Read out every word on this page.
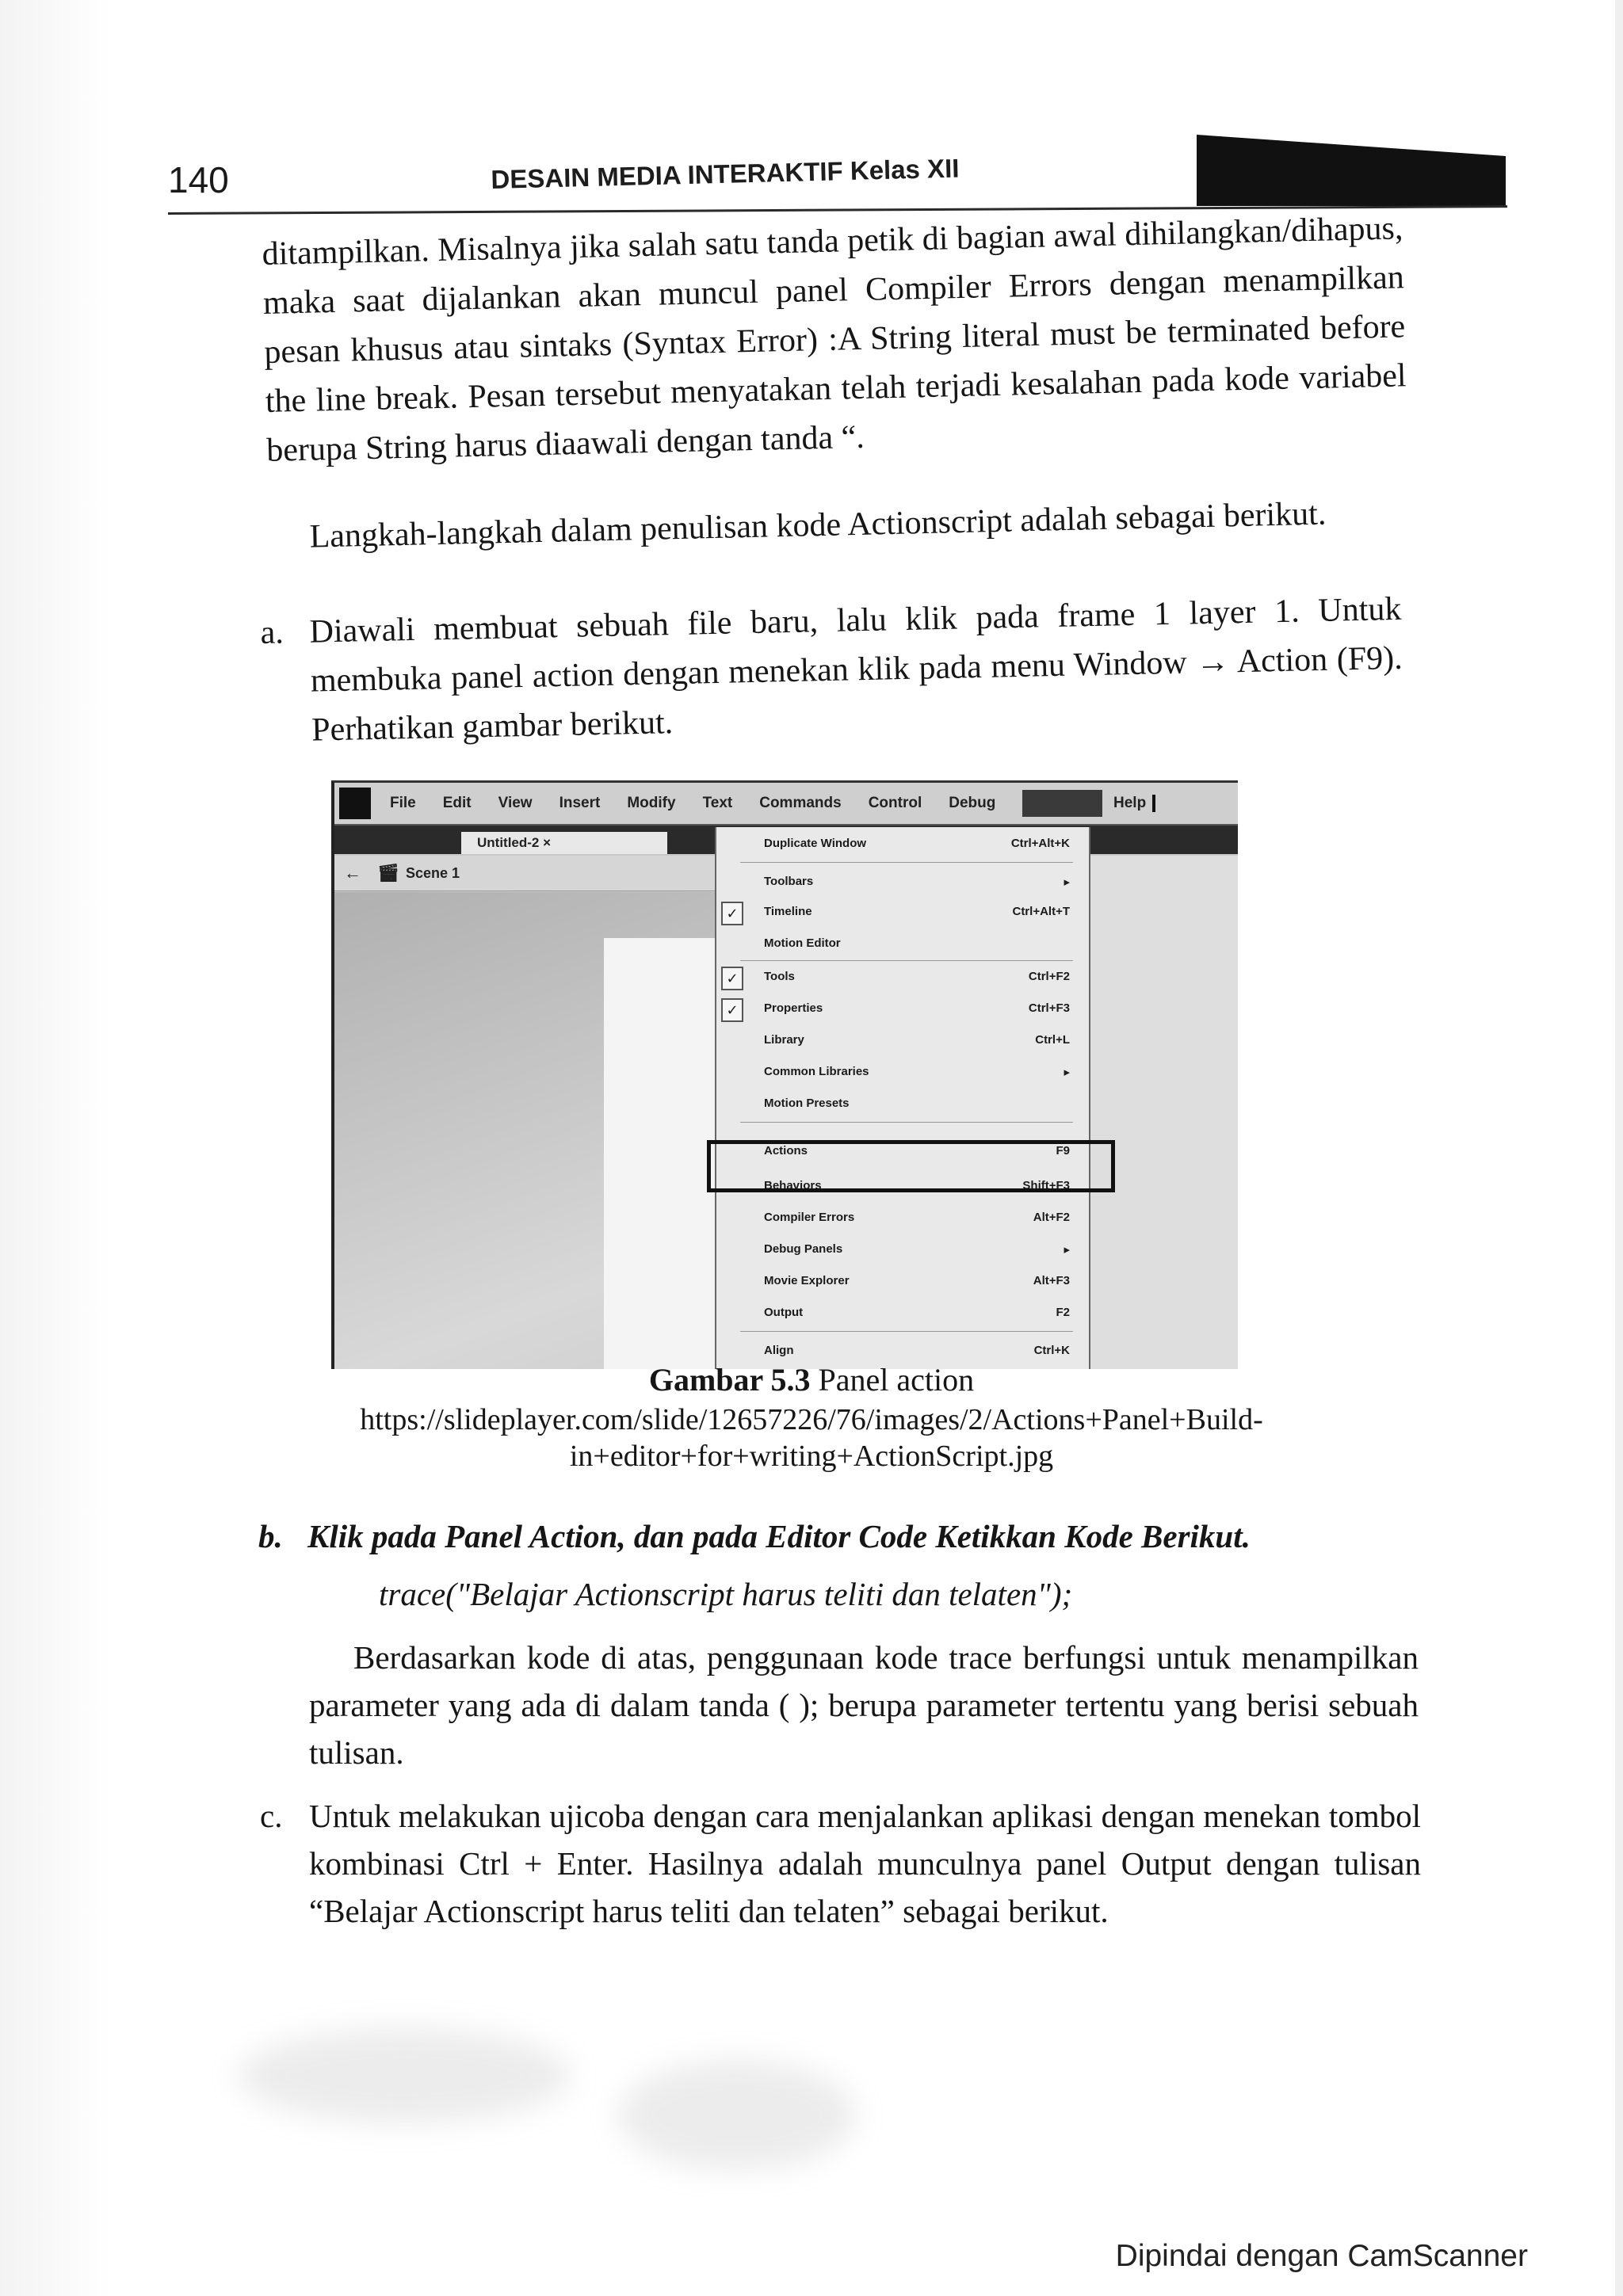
140	DESAIN MEDIA INTERAKTIF Kelas XII
ditampilkan. Misalnya jika salah satu tanda petik di bagian awal dihilangkan/dihapus, maka saat dijalankan akan muncul panel Compiler Errors dengan menampilkan pesan khusus atau sintaks (Syntax Error) :A String literal must be terminated before the line break. Pesan tersebut menyatakan telah terjadi kesalahan pada kode variabel berupa String harus diaawali dengan tanda “.
Langkah-langkah dalam penulisan kode Actionscript adalah sebagai berikut.
a. Diawali membuat sebuah file baru, lalu klik pada frame 1 layer 1. Untuk membuka panel action dengan menekan klik pada menu Window → Action (F9). Perhatikan gambar berikut.
File Edit View Insert Modify Text Commands Control Debug	Window	Help
Untitled-2 ×
← 🎬︎ Scene 1
Duplicate Window	Ctrl+Alt+K
Toolbars	▸
✓	Timeline	Ctrl+Alt+T
Motion Editor
✓	Tools	Ctrl+F2
✓	Properties	Ctrl+F3
Library	Ctrl+L
Common Libraries	▸
Motion Presets
Actions	F9
Behaviors	Shift+F3
Compiler Errors	Alt+F2
Debug Panels	▸
Movie Explorer	Alt+F3
Output	F2
Align	Ctrl+K
Gambar 5.3 Panel action
https://slideplayer.com/slide/12657226/76/images/2/Actions+Panel+Build-
in+editor+for+writing+ActionScript.jpg
b. Klik pada Panel Action, dan pada Editor Code Ketikkan Kode Berikut.
trace("Belajar Actionscript harus teliti dan telaten");
Berdasarkan kode di atas, penggunaan kode trace berfungsi untuk menampilkan parameter yang ada di dalam tanda ( ); berupa parameter tertentu yang berisi sebuah tulisan.
c. Untuk melakukan ujicoba dengan cara menjalankan aplikasi dengan menekan tombol kombinasi Ctrl + Enter. Hasilnya adalah munculnya panel Output dengan tulisan “Belajar Actionscript harus teliti dan telaten” sebagai berikut.
Dipindai dengan CamScanner
